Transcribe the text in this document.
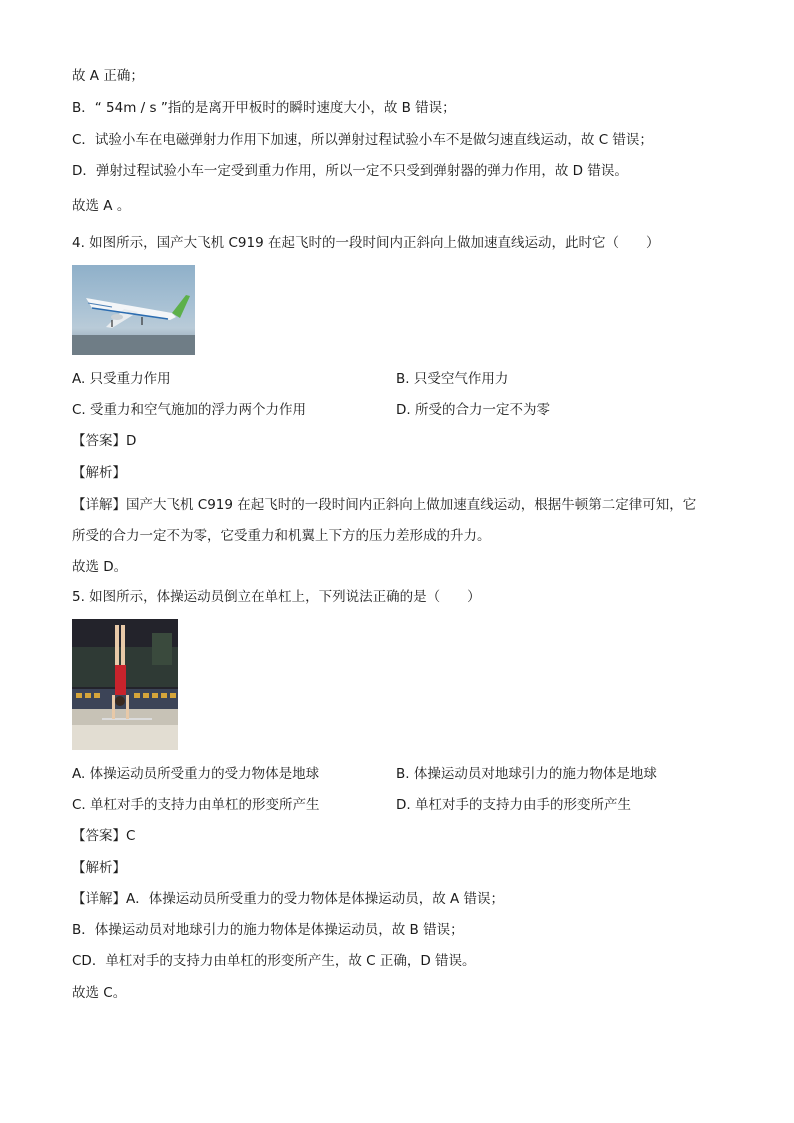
故 A 正确；
B．“ 54m / s ”指的是离开甲板时的瞬时速度大小，故 B 错误；
C．试验小车在电磁弹射力作用下加速，所以弹射过程试验小车不是做匀速直线运动，故 C 错误；
D．弹射过程试验小车一定受到重力作用，所以一定不只受到弹射器的弹力作用，故 D 错误。
故选 A 。
4. 如图所示，国产大飞机 C919 在起飞时的一段时间内正斜向上做加速直线运动，此时它（　　）
A. 只受重力作用	B. 只受空气作用力
C. 受重力和空气施加的浮力两个力作用	D. 所受的合力一定不为零
【答案】D
【解析】
【详解】国产大飞机 C919 在起飞时的一段时间内正斜向上做加速直线运动，根据牛顿第二定律可知，它
所受的合力一定不为零，它受重力和机翼上下方的压力差形成的升力。
故选 D。
5. 如图所示，体操运动员倒立在单杠上，下列说法正确的是（　　）
A. 体操运动员所受重力的受力物体是地球	B. 体操运动员对地球引力的施力物体是地球
C. 单杠对手的支持力由单杠的形变所产生	D. 单杠对手的支持力由手的形变所产生
【答案】C
【解析】
【详解】A．体操运动员所受重力的受力物体是体操运动员，故 A 错误；
B．体操运动员对地球引力的施力物体是体操运动员，故 B 错误；
CD．单杠对手的支持力由单杠的形变所产生，故 C 正确，D 错误。
故选 C。
